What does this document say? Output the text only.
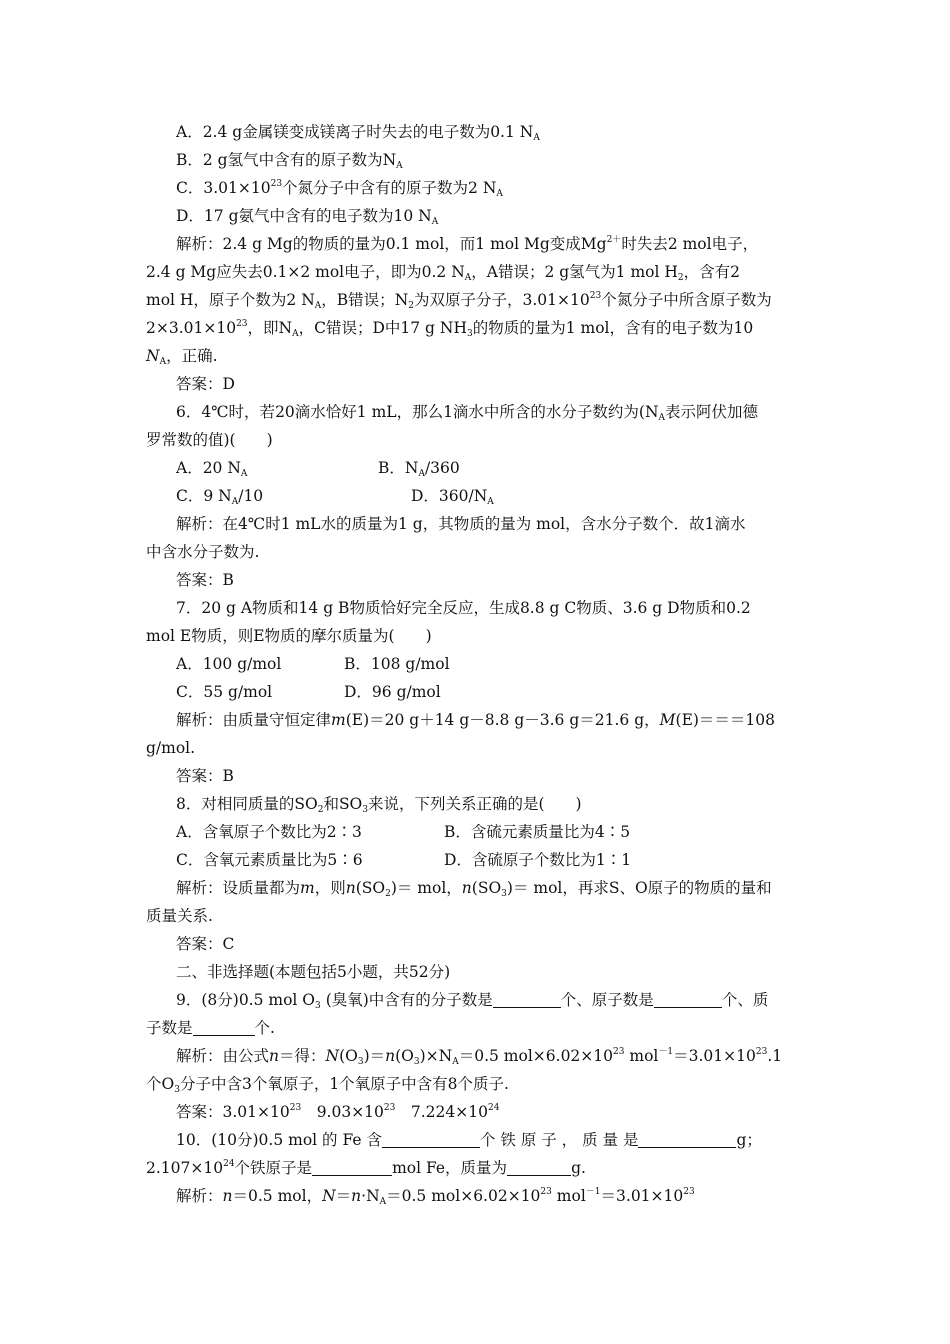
A．2.4 g金属镁变成镁离子时失去的电子数为0.1 $N_A$
B．2 g氢气中含有的原子数为$N_A$
C．$3.01\times 10^{23}$个氮分子中含有的原子数为2 $N_A$
D．17 g氨气中含有的电子数为10 $N_A$
解析：2.4 g Mg的物质的量为0.1 mol，而1 mol Mg变成$Mg^{2+}$时失去2 mol电子，
2.4 g Mg应失去0.1×2 mol电子，即为0.2 $N_A$，A错误；2 g氢气为1 mol $H_2$，含有2
mol H，原子个数为2 $N_A$，B错误；$N_2$为双原子分子，$3.01\times 10^{23}$个氮分子中所含原子数为
$2\times 3.01\times 10^{23}$，即$N_A$，C错误；D中17 g $NH_3$的物质的量为1 mol，含有的电子数为10
$N_A$，正确.
答案：D
6．4℃时，若20滴水恰好1 mL，那么1滴水中所含的水分子数约为($N_A$表示阿伏加德
罗常数的值)(　　)
A．20 $N_A$	B．$N_A/360$
C．9 $N_A/10$	D．$360/N_A$
解析：在4℃时1 mL水的质量为1 g，其物质的量为 mol，含水分子数个．故1滴水
中含水分子数为.
答案：B
7．20 g A物质和14 g B物质恰好完全反应，生成8.8 g C物质、3.6 g D物质和0.2
mol E物质，则E物质的摩尔质量为(　　)
A．100 g/mol	B．108 g/mol
C．55 g/mol	D．96 g/mol
解析：由质量守恒定律m(E)＝20 g＋14 g－8.8 g－3.6 g＝21.6 g，M(E)＝＝＝108
g/mol.
答案：B
8．对相同质量的$SO_2$和$SO_3$来说，下列关系正确的是(　　)
A．含氧原子个数比为2∶3	B．含硫元素质量比为4∶5
C．含氧元素质量比为5∶6	D．含硫原子个数比为1∶1
解析：设质量都为m，则$n(SO_2)=$ mol，$n(SO_3)=$ mol，再求S、O原子的物质的量和
质量关系.
答案：C
二、非选择题(本题包括5小题，共52分)
9．(8分)0.5 mol $O_3$ (臭氧)中含有的分子数是	个、原子数是	个、质
子数是	个.
解析：由公式n＝得：$N(O_3)=n(O_3)\times N_A=0.5$ $mol\times 6.02\times 10^{23}$ $mol^{-1}=3.01\times 10^{23}.1$
个$O_3$分子中含3个氧原子，1个氧原子中含有8个质子.
答案：$3.01\times 10^{23}$　$9.03\times 10^{23}$　$7.224\times 10^{24}$
10．(10分)0.5 mol 的 Fe 含	个 铁 原 子 ， 质 量 是	g；
$2.107\times 10^{24}$个铁原子是	mol Fe，质量为	g.
解析：n＝0.5 mol，$N=n\cdot N_A=0.5$ $mol\times 6.02\times 10^{23}$ $mol^{-1}=3.01\times 10^{23}$
